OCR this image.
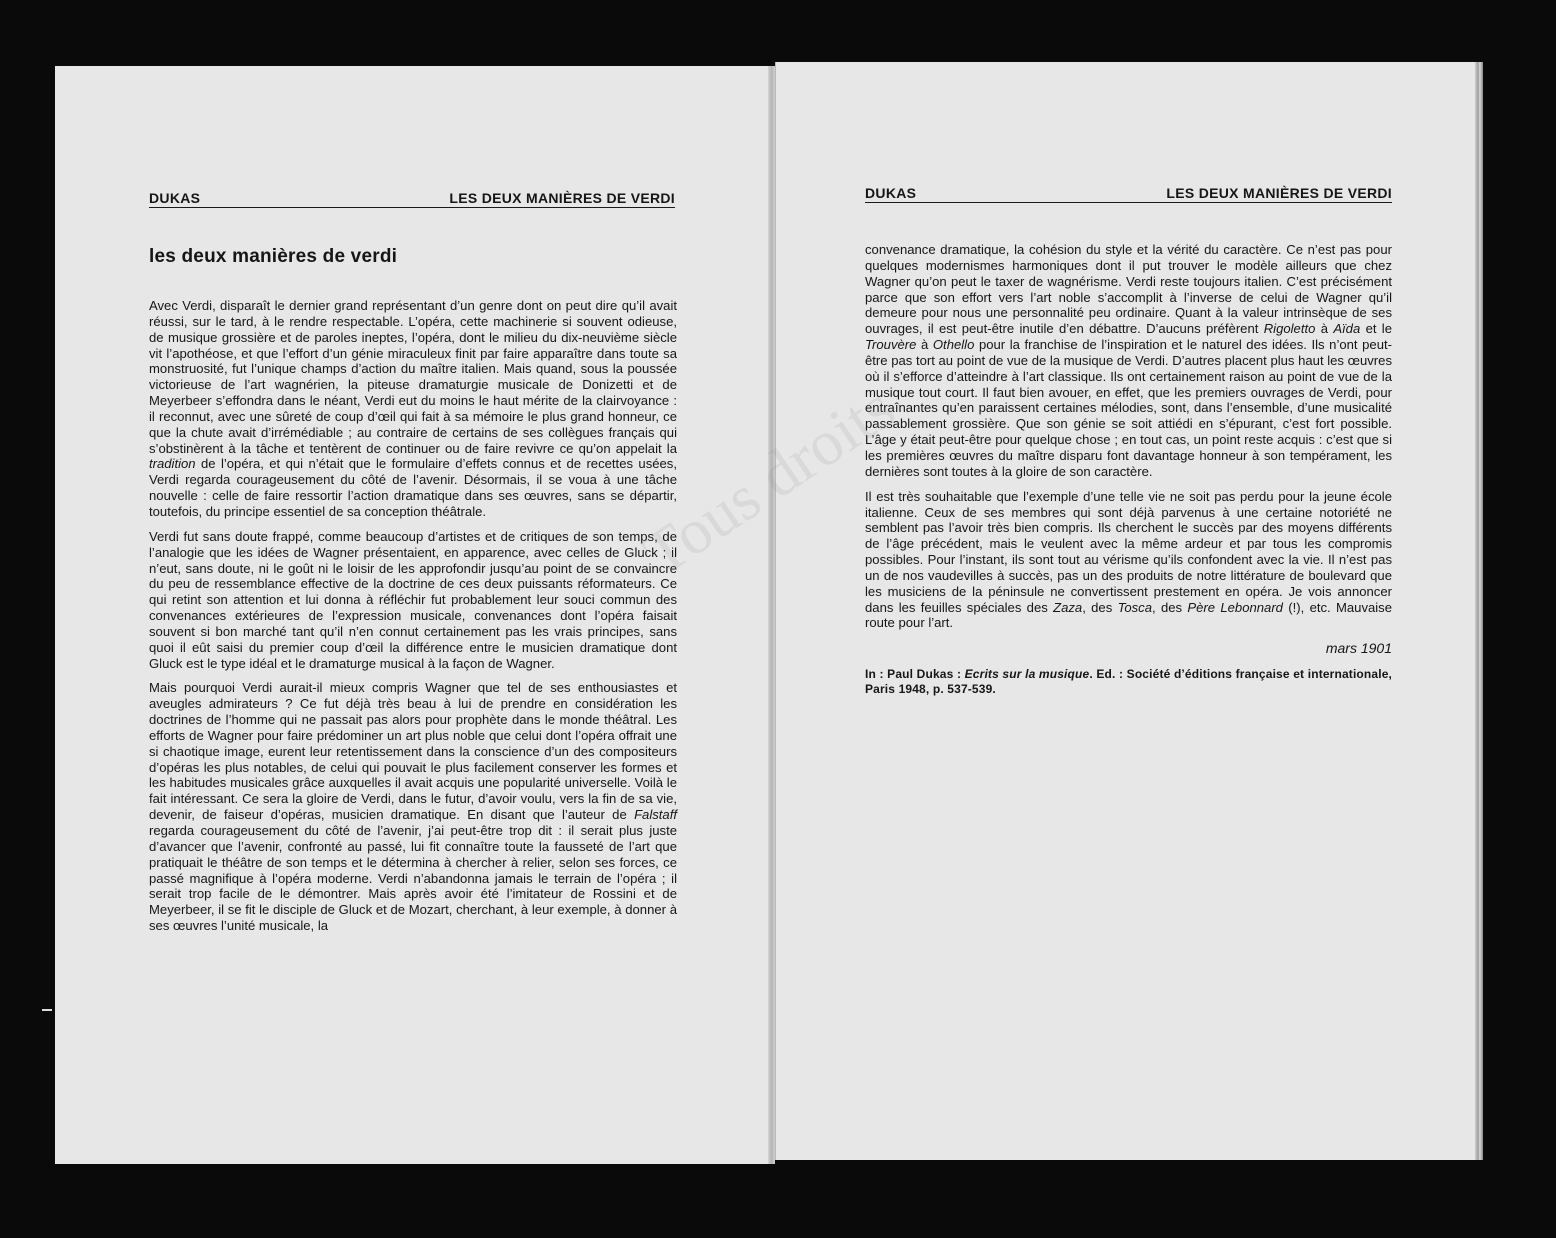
DUKAS	LES DEUX MANIÈRES DE VERDI
les deux manières de verdi

Avec Verdi, disparaît le dernier grand représentant d’un genre dont on peut dire qu’il avait réussi, sur le tard, à le rendre respectable. L’opéra, cette machinerie si souvent odieuse, de musique grossière et de paroles ineptes, l’opéra, dont le milieu du dix-neuvième siècle vit l’apothéose, et que l’effort d’un génie miraculeux finit par faire apparaître dans toute sa monstruosité, fut l’unique champs d’action du maître italien. Mais quand, sous la poussée victorieuse de l’art wagnérien, la piteuse dramaturgie musicale de Donizetti et de Meyerbeer s’effondra dans le néant, Verdi eut du moins le haut mérite de la clairvoyance : il reconnut, avec une sûreté de coup d’œil qui fait à sa mémoire le plus grand honneur, ce que la chute avait d’irrémédiable ; au contraire de certains de ses collègues français qui s’obstinèrent à la tâche et tentèrent de continuer ou de faire revivre ce qu’on appelait la tradition de l’opéra, et qui n’était que le formulaire d’effets connus et de recettes usées, Verdi regarda courageusement du côté de l’avenir. Désormais, il se voua à une tâche nouvelle : celle de faire ressortir l’action dramatique dans ses œuvres, sans se départir, toutefois, du principe essentiel de sa conception théâtrale.

Verdi fut sans doute frappé, comme beaucoup d’artistes et de critiques de son temps, de l’analogie que les idées de Wagner présentaient, en apparence, avec celles de Gluck ; il n’eut, sans doute, ni le goût ni le loisir de les approfondir jusqu’au point de se convaincre du peu de ressemblance effective de la doctrine de ces deux puissants réformateurs. Ce qui retint son attention et lui donna à réfléchir fut probablement leur souci commun des convenances extérieures de l’expression musicale, convenances dont l’opéra faisait souvent si bon marché tant qu’il n’en connut certainement pas les vrais principes, sans quoi il eût saisi du premier coup d’œil la différence entre le musicien dramatique dont Gluck est le type idéal et le dramaturge musical à la façon de Wagner.

Mais pourquoi Verdi aurait-il mieux compris Wagner que tel de ses enthousiastes et aveugles admirateurs ? Ce fut déjà très beau à lui de prendre en considération les doctrines de l’homme qui ne passait pas alors pour prophète dans le monde théâtral. Les efforts de Wagner pour faire prédominer un art plus noble que celui dont l’opéra offrait une si chaotique image, eurent leur retentissement dans la conscience d’un des compositeurs d’opéras les plus notables, de celui qui pouvait le plus facilement conserver les formes et les habitudes musicales grâce auxquelles il avait acquis une popularité universelle. Voilà le fait intéressant. Ce sera la gloire de Verdi, dans le futur, d’avoir voulu, vers la fin de sa vie, devenir, de faiseur d’opéras, musicien dramatique. En disant que l’auteur de Falstaff regarda courageusement du côté de l’avenir, j’ai peut-être trop dit : il serait plus juste d’avancer que l’avenir, confronté au passé, lui fit connaître toute la fausseté de l’art que pratiquait le théâtre de son temps et le détermina à chercher à relier, selon ses forces, ce passé magnifique à l’opéra moderne. Verdi n’abandonna jamais le terrain de l’opéra ; il serait trop facile de le démontrer. Mais après avoir été l’imitateur de Rossini et de Meyerbeer, il se fit le disciple de Gluck et de Mozart, cherchant, à leur exemple, à donner à ses œuvres l’unité musicale, la

DUKAS	LES DEUX MANIÈRES DE VERDI

convenance dramatique, la cohésion du style et la vérité du caractère. Ce n’est pas pour quelques modernismes harmoniques dont il put trouver le modèle ailleurs que chez Wagner qu’on peut le taxer de wagnérisme. Verdi reste toujours italien. C’est précisément parce que son effort vers l’art noble s’accomplit à l’inverse de celui de Wagner qu’il demeure pour nous une personnalité peu ordinaire. Quant à la valeur intrinsèque de ses ouvrages, il est peut-être inutile d’en débattre. D’aucuns préfèrent Rigoletto à Aïda et le Trouvère à Othello pour la franchise de l’inspiration et le naturel des idées. Ils n’ont peut-être pas tort au point de vue de la musique de Verdi. D’autres placent plus haut les œuvres où il s’efforce d’atteindre à l’art classique. Ils ont certainement raison au point de vue de la musique tout court. Il faut bien avouer, en effet, que les premiers ouvrages de Verdi, pour entraînantes qu’en paraissent certaines mélodies, sont, dans l’ensemble, d’une musicalité passablement grossière. Que son génie se soit attiédi en s’épurant, c’est fort possible. L’âge y était peut-être pour quelque chose ; en tout cas, un point reste acquis : c’est que si les premières œuvres du maître disparu font davantage honneur à son tempérament, les dernières sont toutes à la gloire de son caractère.

Il est très souhaitable que l’exemple d’une telle vie ne soit pas perdu pour la jeune école italienne. Ceux de ses membres qui sont déjà parvenus à une certaine notoriété ne semblent pas l’avoir très bien compris. Ils cherchent le succès par des moyens différents de l’âge précédent, mais le veulent avec la même ardeur et par tous les compromis possibles. Pour l’instant, ils sont tout au vérisme qu’ils confondent avec la vie. Il n’est pas un de nos vaudevilles à succès, pas un des produits de notre littérature de boulevard que les musiciens de la péninsule ne convertissent prestement en opéra. Je vois annoncer dans les feuilles spéciales des Zaza, des Tosca, des Père Lebonnard (!), etc. Mauvaise route pour l’art.

mars 1901

In : Paul Dukas : Ecrits sur la musique. Ed. : Société d’éditions française et internationale, Paris 1948, p. 537-539.
